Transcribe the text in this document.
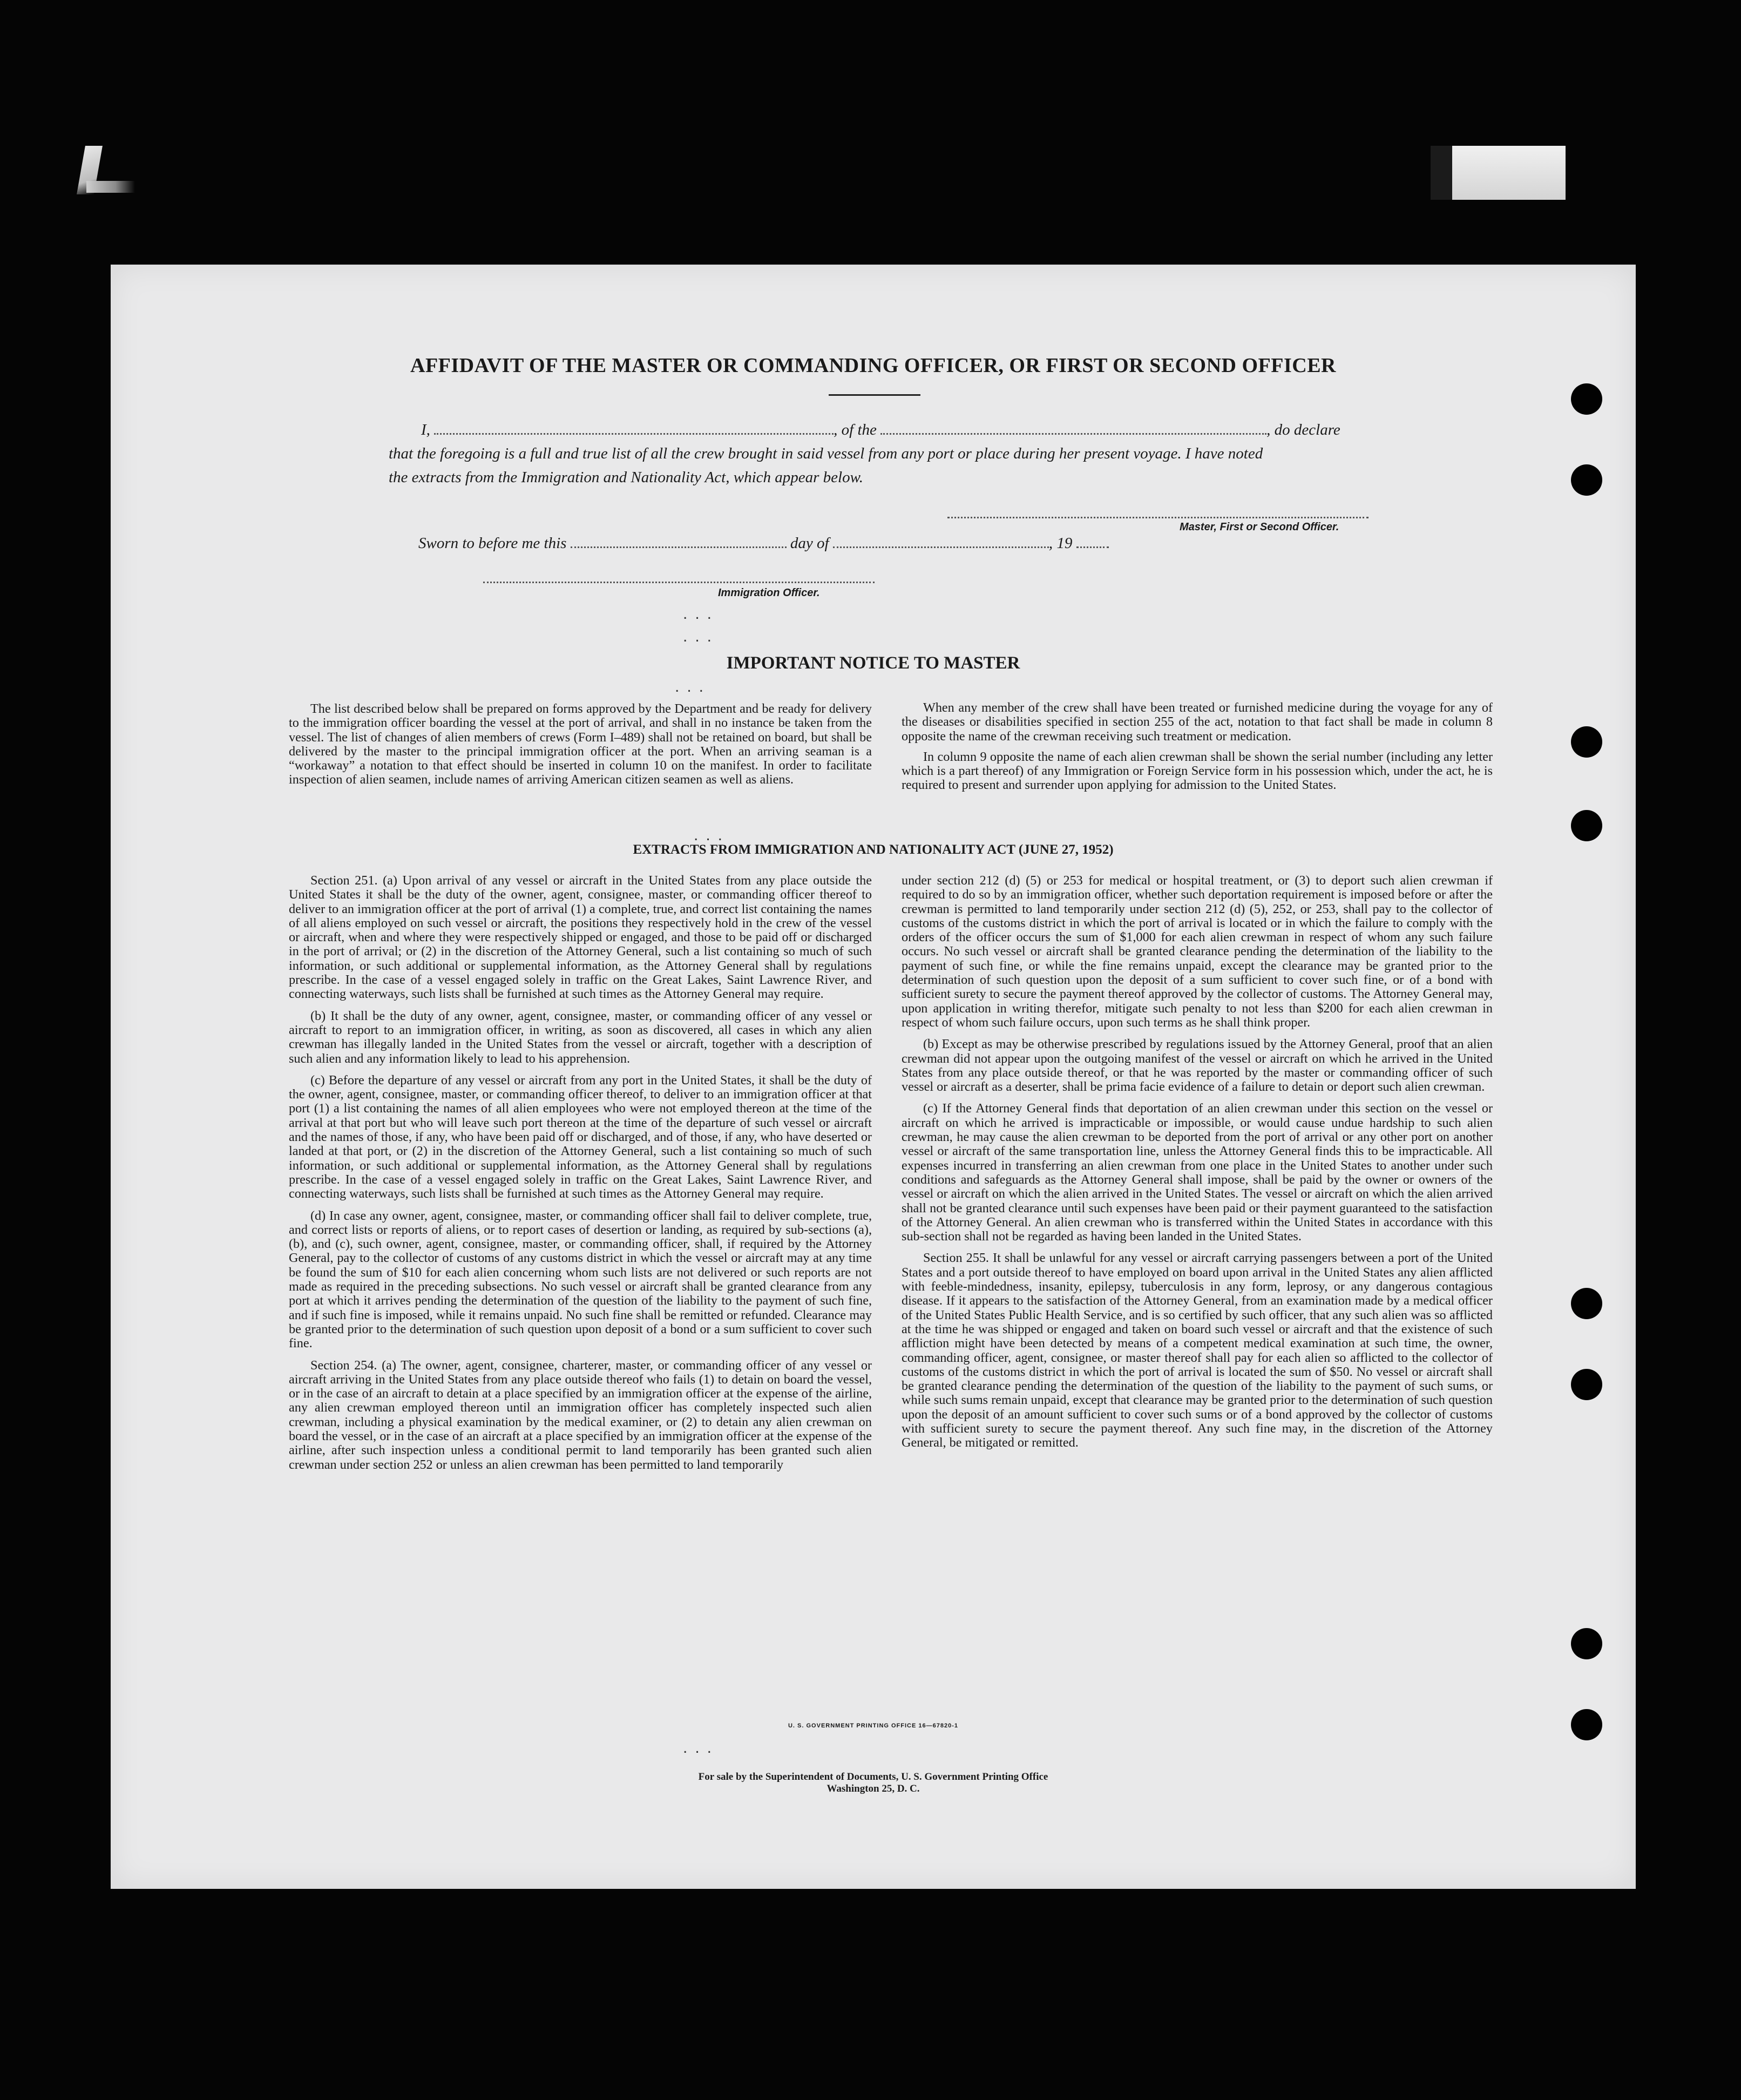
AFFIDAVIT OF THE MASTER OR COMMANDING OFFICER, OR FIRST OR SECOND OFFICER
I,	, of the	, do declare
that the foregoing is a full and true list of all the crew brought in said vessel from any port or place during her present voyage. I have noted
the extracts from the Immigration and Nationality Act, which appear below.
Master, First or Second Officer.
Sworn to before me this	day of	, 19
Immigration Officer.
...
...
IMPORTANT NOTICE TO MASTER
...

The list described below shall be prepared on forms approved by the Department and be ready for delivery to the immigration officer boarding the vessel at the port of arrival, and shall in no instance be taken from the vessel. The list of changes of alien members of crews (Form I–489) shall not be retained on board, but shall be delivered by the master to the principal immigration officer at the port. When an arriving seaman is a “workaway” a notation to that effect should be inserted in column 10 on the manifest. In order to facilitate inspection of alien seamen, include names of arriving American citizen seamen as well as aliens.

When any member of the crew shall have been treated or furnished medicine during the voyage for any of the diseases or disabilities specified in section 255 of the act, notation to that fact shall be made in column 8 opposite the name of the crewman receiving such treatment or medication.

In column 9 opposite the name of each alien crewman shall be shown the serial number (including any letter which is a part thereof) of any Immigration or Foreign Service form in his possession which, under the act, he is required to present and surrender upon applying for admission to the United States.

...
EXTRACTS FROM IMMIGRATION AND NATIONALITY ACT (JUNE 27, 1952)

Section 251. (a) Upon arrival of any vessel or aircraft in the United States from any place outside the United States it shall be the duty of the owner, agent, consignee, master, or commanding officer thereof to deliver to an immigration officer at the port of arrival (1) a complete, true, and correct list containing the names of all aliens employed on such vessel or aircraft, the positions they respectively hold in the crew of the vessel or aircraft, when and where they were respectively shipped or engaged, and those to be paid off or discharged in the port of arrival; or (2) in the discretion of the Attorney General, such a list containing so much of such information, or such additional or supplemental information, as the Attorney General shall by regulations prescribe. In the case of a vessel engaged solely in traffic on the Great Lakes, Saint Lawrence River, and connecting waterways, such lists shall be furnished at such times as the Attorney General may require.

(b) It shall be the duty of any owner, agent, consignee, master, or commanding officer of any vessel or aircraft to report to an immigration officer, in writing, as soon as discovered, all cases in which any alien crewman has illegally landed in the United States from the vessel or aircraft, together with a description of such alien and any information likely to lead to his apprehension.

(c) Before the departure of any vessel or aircraft from any port in the United States, it shall be the duty of the owner, agent, consignee, master, or commanding officer thereof, to deliver to an immigration officer at that port (1) a list containing the names of all alien employees who were not employed thereon at the time of the arrival at that port but who will leave such port thereon at the time of the departure of such vessel or aircraft and the names of those, if any, who have been paid off or discharged, and of those, if any, who have deserted or landed at that port, or (2) in the discretion of the Attorney General, such a list containing so much of such information, or such additional or supplemental information, as the Attorney General shall by regulations prescribe. In the case of a vessel engaged solely in traffic on the Great Lakes, Saint Lawrence River, and connecting waterways, such lists shall be furnished at such times as the Attorney General may require.

(d) In case any owner, agent, consignee, master, or commanding officer shall fail to deliver complete, true, and correct lists or reports of aliens, or to report cases of desertion or landing, as required by sub-sections (a), (b), and (c), such owner, agent, consignee, master, or commanding officer, shall, if required by the Attorney General, pay to the collector of customs of any customs district in which the vessel or aircraft may at any time be found the sum of $10 for each alien concerning whom such lists are not delivered or such reports are not made as required in the preceding subsections. No such vessel or aircraft shall be granted clearance from any port at which it arrives pending the determination of the question of the liability to the payment of such fine, and if such fine is imposed, while it remains unpaid. No such fine shall be remitted or refunded. Clearance may be granted prior to the determination of such question upon deposit of a bond or a sum sufficient to cover such fine.

Section 254. (a) The owner, agent, consignee, charterer, master, or commanding officer of any vessel or aircraft arriving in the United States from any place outside thereof who fails (1) to detain on board the vessel, or in the case of an aircraft to detain at a place specified by an immigration officer at the expense of the airline, any alien crewman employed thereon until an immigration officer has completely inspected such alien crewman, including a physical examination by the medical examiner, or (2) to detain any alien crewman on board the vessel, or in the case of an aircraft at a place specified by an immigration officer at the expense of the airline, after such inspection unless a conditional permit to land temporarily has been granted such alien crewman under section 252 or unless an alien crewman has been permitted to land temporarily

under section 212 (d) (5) or 253 for medical or hospital treatment, or (3) to deport such alien crewman if required to do so by an immigration officer, whether such deportation requirement is imposed before or after the crewman is permitted to land temporarily under section 212 (d) (5), 252, or 253, shall pay to the collector of customs of the customs district in which the port of arrival is located or in which the failure to comply with the orders of the officer occurs the sum of $1,000 for each alien crewman in respect of whom any such failure occurs. No such vessel or aircraft shall be granted clearance pending the determination of the liability to the payment of such fine, or while the fine remains unpaid, except the clearance may be granted prior to the determination of such question upon the deposit of a sum sufficient to cover such fine, or of a bond with sufficient surety to secure the payment thereof approved by the collector of customs. The Attorney General may, upon application in writing therefor, mitigate such penalty to not less than $200 for each alien crewman in respect of whom such failure occurs, upon such terms as he shall think proper.

(b) Except as may be otherwise prescribed by regulations issued by the Attorney General, proof that an alien crewman did not appear upon the outgoing manifest of the vessel or aircraft on which he arrived in the United States from any place outside thereof, or that he was reported by the master or commanding officer of such vessel or aircraft as a deserter, shall be prima facie evidence of a failure to detain or deport such alien crewman.

(c) If the Attorney General finds that deportation of an alien crewman under this section on the vessel or aircraft on which he arrived is impracticable or impossible, or would cause undue hardship to such alien crewman, he may cause the alien crewman to be deported from the port of arrival or any other port on another vessel or aircraft of the same transportation line, unless the Attorney General finds this to be impracticable. All expenses incurred in transferring an alien crewman from one place in the United States to another under such conditions and safeguards as the Attorney General shall impose, shall be paid by the owner or owners of the vessel or aircraft on which the alien arrived in the United States. The vessel or aircraft on which the alien arrived shall not be granted clearance until such expenses have been paid or their payment guaranteed to the satisfaction of the Attorney General. An alien crewman who is transferred within the United States in accordance with this sub-section shall not be regarded as having been landed in the United States.

Section 255. It shall be unlawful for any vessel or aircraft carrying passengers between a port of the United States and a port outside thereof to have employed on board upon arrival in the United States any alien afflicted with feeble-mindedness, insanity, epilepsy, tuberculosis in any form, leprosy, or any dangerous contagious disease. If it appears to the satisfaction of the Attorney General, from an examination made by a medical officer of the United States Public Health Service, and is so certified by such officer, that any such alien was so afflicted at the time he was shipped or engaged and taken on board such vessel or aircraft and that the existence of such affliction might have been detected by means of a competent medical examination at such time, the owner, commanding officer, agent, consignee, or master thereof shall pay for each alien so afflicted to the collector of customs of the customs district in which the port of arrival is located the sum of $50. No vessel or aircraft shall be granted clearance pending the determination of the question of the liability to the payment of such sums, or while such sums remain unpaid, except that clearance may be granted prior to the determination of such question upon the deposit of an amount sufficient to cover such sums or of a bond approved by the collector of customs with sufficient surety to secure the payment thereof. Any such fine may, in the discretion of the Attorney General, be mitigated or remitted.

U. S. GOVERNMENT PRINTING OFFICE 16—67820-1
...
For sale by the Superintendent of Documents, U. S. Government Printing Office
Washington 25, D. C.
